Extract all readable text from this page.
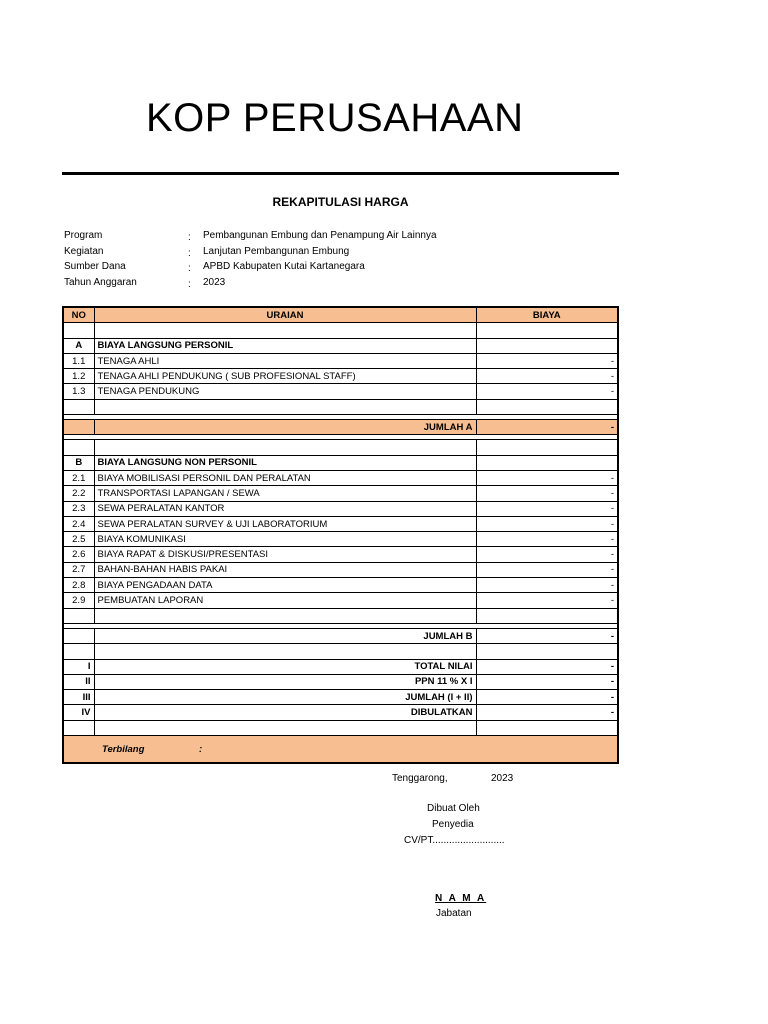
KOP PERUSAHAAN
REKAPITULASI HARGA
Program	: Pembangunan Embung dan Penampung Air Lainnya
Kegiatan	: Lanjutan Pembangunan Embung
Sumber Dana	: APBD Kabupaten Kutai Kartanegara
Tahun Anggaran	: 2023
NO	URAIAN	BIAYA

A	BIAYA LANGSUNG PERSONIL	
1.1	TENAGA AHLI	-
1.2	TENAGA AHLI PENDUKUNG ( SUB PROFESIONAL STAFF)	-
1.3	TENAGA PENDUKUNG	-

	JUMLAH A	-

B	BIAYA LANGSUNG NON PERSONIL	
2.1	BIAYA MOBILISASI PERSONIL DAN PERALATAN	-
2.2	TRANSPORTASI LAPANGAN / SEWA	-
2.3	SEWA PERALATAN KANTOR	-
2.4	SEWA PERALATAN SURVEY & UJI LABORATORIUM	-
2.5	BIAYA KOMUNIKASI	-
2.6	BIAYA RAPAT & DISKUSI/PRESENTASI	-
2.7	BAHAN-BAHAN HABIS PAKAI	-
2.8	BIAYA PENGADAAN DATA	-
2.9	PEMBUATAN LAPORAN	-

	JUMLAH B	-

I	TOTAL NILAI	-
II	PPN 11 % X I	-
III	JUMLAH (I + II)	-
IV	DIBULATKAN	-

Terbilang :		
Tenggarong,	2023
Dibuat Oleh
Penyedia
CV/PT..........................
N A M A
Jabatan
